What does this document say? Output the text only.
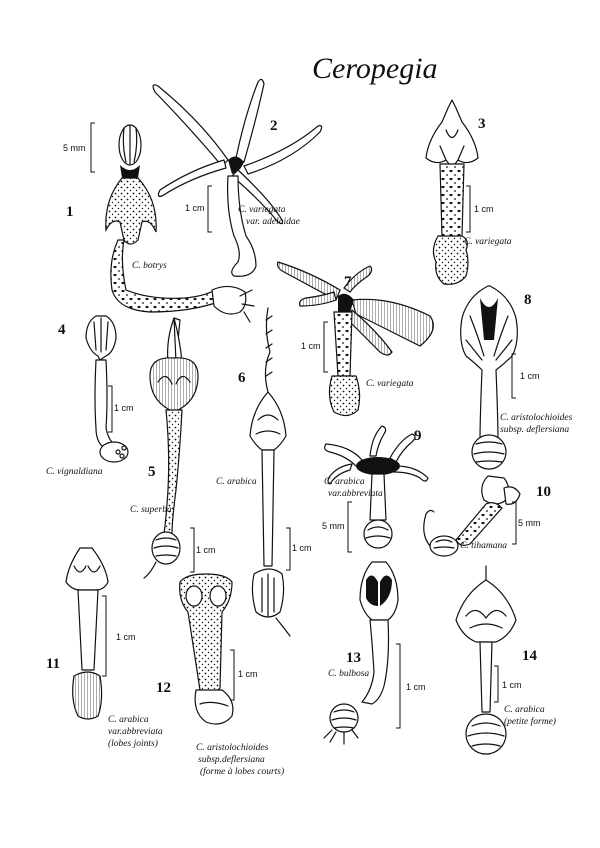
Ceropegia
1
C. botrys
5 mm
2
C. variegata
var. adelaidae
1 cm
3
C. variegata
1 cm
7
C. variegata
1 cm
8
C. aristolochioides
subsp. deflersiana
1 cm
4
C. vignaldiana
1 cm
5
C. superba
1 cm
6
C. arabica
1 cm
9
C. arabica
var.abbreviata
5 mm
10
C. tihamana
5 mm
11
C. arabica
var.abbreviata
(lobes joints)
1 cm
12
C. aristolochioides
subsp.deflersiana
(forme à lobes courts)
1 cm
13
C. bulbosa
1 cm
14
C. arabica
(petite forme)
1 cm
